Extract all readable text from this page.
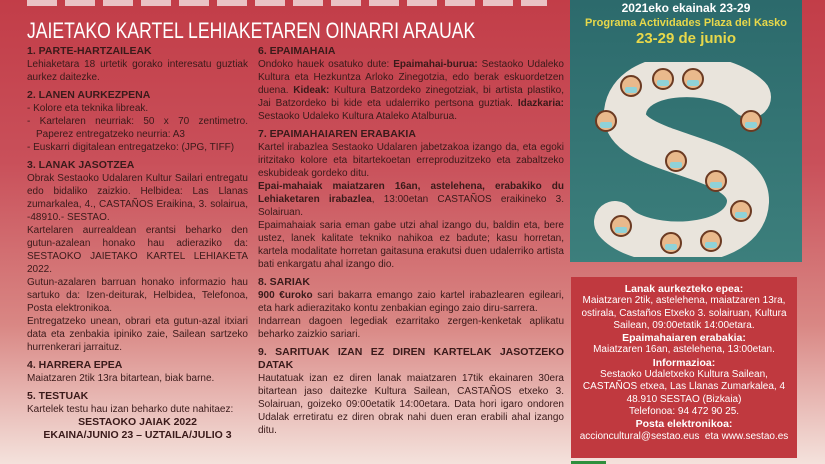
JAIETAKO KARTEL LEHIAKETAREN OINARRI ARAUAK
1. PARTE-HARTZAILEAK

Lehiaketara 18 urtetik gorako interesatu guztiak aurkez daitezke.

2. LANEN AURKEZPENA

- Kolore eta teknika libreak.

- Kartelaren neurriak: 50 x 70 zentimetro. Paperez entregatzeko neurria: A3

- Euskarri digitalean entregatzeko: (JPG, TIFF)

3. LANAK JASOTZEA

Obrak Sestaoko Udalaren Kultur Sailari entregatu edo bidaliko zaizkio. Helbidea: Las Llanas zumarkalea, 4., CASTAÑOS Eraikina, 3. solairua, -48910.- SESTAO.

Kartelaren aurrealdean erantsi beharko den gutun-azalean honako hau adieraziko da: SESTAOKO JAIETAKO KARTEL LEHIAKETA 2022.

Gutun-azalaren barruan honako informazio hau sartuko da: Izen-deiturak, Helbidea, Telefonoa, Posta elektronikoa.

Entregatzeko unean, obrari eta gutun-azal itxiari data eta zenbakia ipiniko zaie, Sailean sartzeko hurrenkerari jarraituz.

4. HARRERA EPEA

Maiatzaren 2tik 13ra bitartean, biak barne.

5. TESTUAK

Kartelek testu hau izan beharko dute nahitaez:

SESTAOKO JAIAK 2022

EKAINA/JUNIO 23 – UZTAILA/JULIO 3

6. EPAIMAHAIA

Ondoko hauek osatuko dute: Epaimahai-burua: Sestaoko Udaleko Kultura eta Hezkuntza Arloko Zinegotzia, edo berak eskuordetzen duena. Kideak: Kultura Batzordeko zinegotziak, bi artista plastiko, Jai Batzordeko bi kide eta udalerriko pertsona guztiak. Idazkaria: Sestaoko Udaleko Kultura Ataleko Atalburua.

7. EPAIMAHAIAREN ERABAKIA

Kartel irabazlea Sestaoko Udalaren jabetzakoa izango da, eta egoki iritzitako kolore eta bitartekoetan erreproduzitzeko eta zabaltzeko eskubideak gordeko ditu.

Epai-mahaiak maiatzaren 16an, astelehena, erabakiko du Lehiaketaren irabazlea, 13:00etan CASTAÑOS eraikineko 3. Solairuan.

Epaimahaiak saria eman gabe utzi ahal izango du, baldin eta, bere ustez, lanek kalitate tekniko nahikoa ez badute; kasu horretan, kartela modalitate horretan gaitasuna erakutsi duen udalerriko artista bati enkargatu ahal izango dio.

8. SARIAK

900 €uroko sari bakarra emango zaio kartel irabazlearen egileari, eta hark adierazitako kontu zenbakian egingo zaio diru-sarrera.

Indarrean dagoen legediak ezarritako zergen-kenketak aplikatu beharko zaizkio sariari.

9. SARITUAK IZAN EZ DIREN KARTELAK JASOTZEKO DATAK

Hautatuak izan ez diren lanak maiatzaren 17tik ekainaren 30era bitartean jaso daitezke Kultura Sailean, CASTAÑOS etxeko 3. Solairuan, goizeko 09:00etatik 14:00etara. Data hori igaro ondoren Udalak erretiratu ez diren obrak nahi duen eran erabili ahal izango ditu.

2021eko ekainak 23-29
Programa Actividades Plaza del Kasko
23-29 de junio
Lanak aurkezteko epea:
Maiatzaren 2tik, astelehena, maiatzaren 13ra,
ostirala, Castaños Etxeko 3. solairuan, Kultura
Sailean, 09:00etatik 14:00etara.
Epaimahaiaren erabakia:
Maiatzaren 16an, astelehena, 13:00etan.
Informazioa:
Sestaoko Udaletxeko Kultura Sailean,
CASTAÑOS etxea, Las Llanas Zumarkalea, 4
48.910 SESTAO (Bizkaia)
Telefonoa: 94 472 90 25.
Posta elektronikoa:
accioncultural@sestao.eus  eta www.sestao.es
